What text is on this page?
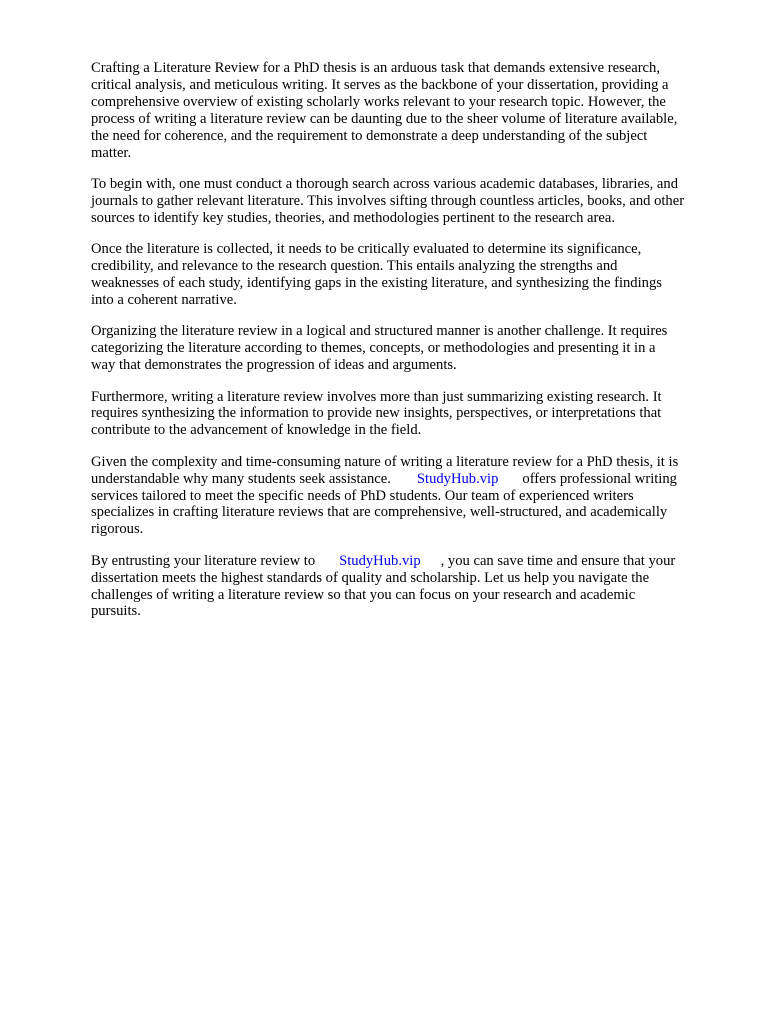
Crafting a Literature Review for a PhD thesis is an arduous task that demands extensive research,
critical analysis, and meticulous writing. It serves as the backbone of your dissertation, providing a
comprehensive overview of existing scholarly works relevant to your research topic. However, the
process of writing a literature review can be daunting due to the sheer volume of literature available,
the need for coherence, and the requirement to demonstrate a deep understanding of the subject
matter.
To begin with, one must conduct a thorough search across various academic databases, libraries, and
journals to gather relevant literature. This involves sifting through countless articles, books, and other
sources to identify key studies, theories, and methodologies pertinent to the research area.
Once the literature is collected, it needs to be critically evaluated to determine its significance,
credibility, and relevance to the research question. This entails analyzing the strengths and
weaknesses of each study, identifying gaps in the existing literature, and synthesizing the findings
into a coherent narrative.
Organizing the literature review in a logical and structured manner is another challenge. It requires
categorizing the literature according to themes, concepts, or methodologies and presenting it in a
way that demonstrates the progression of ideas and arguments.
Furthermore, writing a literature review involves more than just summarizing existing research. It
requires synthesizing the information to provide new insights, perspectives, or interpretations that
contribute to the advancement of knowledge in the field.
Given the complexity and time-consuming nature of writing a literature review for a PhD thesis, it is
understandable why many students seek assistance. StudyHub.vip offers professional writing
services tailored to meet the specific needs of PhD students. Our team of experienced writers
specializes in crafting literature reviews that are comprehensive, well-structured, and academically
rigorous.
By entrusting your literature review to StudyHub.vip , you can save time and ensure that your
dissertation meets the highest standards of quality and scholarship. Let us help you navigate the
challenges of writing a literature review so that you can focus on your research and academic
pursuits.
